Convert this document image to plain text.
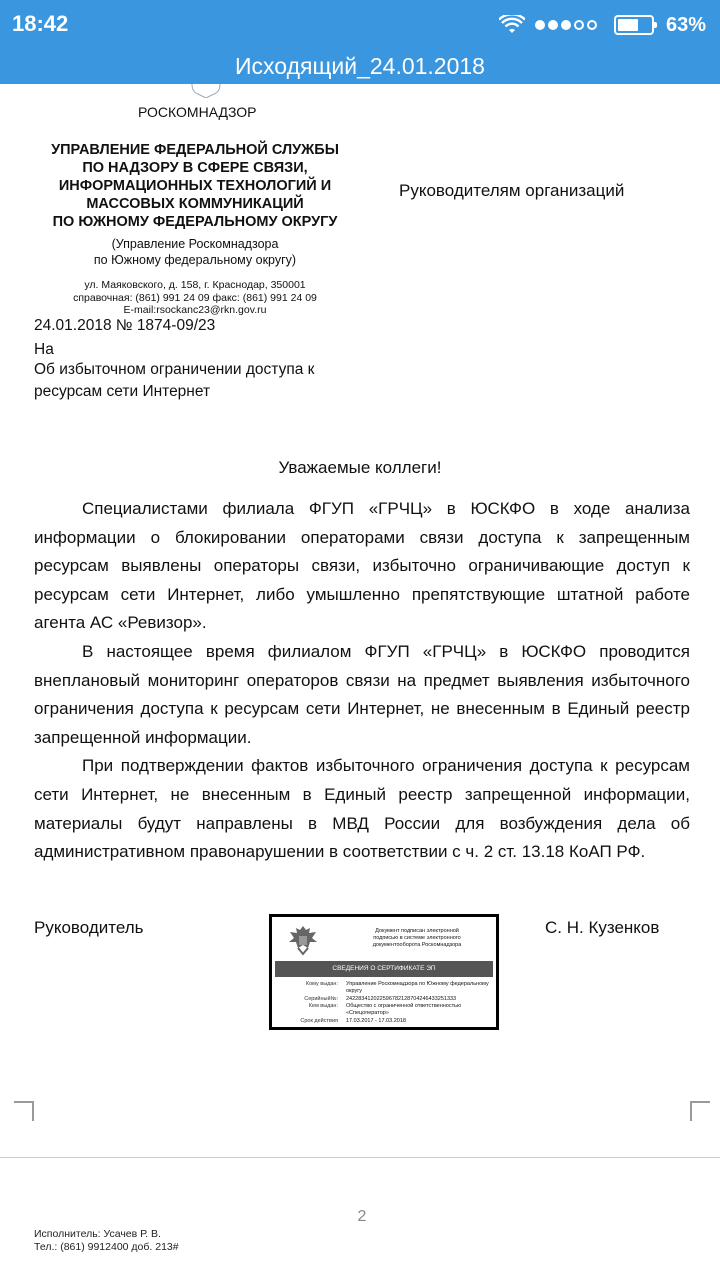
18:42	63%
Исходящий_24.01.2018
РОСКОМНАДЗОР
УПРАВЛЕНИЕ ФЕДЕРАЛЬНОЙ СЛУЖБЫ
ПО НАДЗОРУ В СФЕРЕ СВЯЗИ,
ИНФОРМАЦИОННЫХ ТЕХНОЛОГИЙ И
МАССОВЫХ КОММУНИКАЦИЙ
ПО ЮЖНОМУ ФЕДЕРАЛЬНОМУ ОКРУГУ
(Управление Роскомнадзора
по Южному федеральному округу)
ул. Маяковского, д. 158, г. Краснодар, 350001
справочная: (861) 991 24 09 факс: (861) 991 24 09
E-mail:rsockanc23@rkn.gov.ru
Руководителям организаций
24.01.2018 № 1874-09/23
На
Об избыточном ограничении доступа к ресурсам сети Интернет
Уважаемые коллеги!

Специалистами филиала ФГУП «ГРЧЦ» в ЮСКФО в ходе анализа информации о блокировании операторами связи доступа к запрещенным ресурсам выявлены операторы связи, избыточно ограничивающие доступ к ресурсам сети Интернет, либо умышленно препятствующие штатной работе агента АС «Ревизор».

В настоящее время филиалом ФГУП «ГРЧЦ» в ЮСКФО проводится внеплановый мониторинг операторов связи на предмет выявления избыточного ограничения доступа к ресурсам сети Интернет, не внесенным в Единый реестр запрещенной информации.

При подтверждении фактов избыточного ограничения доступа к ресурсам сети Интернет, не внесенным в Единый реестр запрещенной информации, материалы будут направлены в МВД России для возбуждения дела об административном правонарушении в соответствии с ч. 2 ст. 13.18 КоАП РФ.

Руководитель	С. Н. Кузенков
Документ подписан электронной
подписью в системе электронного
документооборота Роскомнадзора
СВЕДЕНИЯ О СЕРТИФИКАТЕ ЭП
Кому выдан: Управление Роскомнадзора по Южному федеральному округу
Серийный№: 242283412022596782128704246433251333
Кем выдан: Общество с ограниченной ответственностью «Спецоператор»
Срок действия 17.03.2017 - 17.03.2018
2
Исполнитель: Усачев Р. В.
Тел.: (861) 9912400 доб. 213#
